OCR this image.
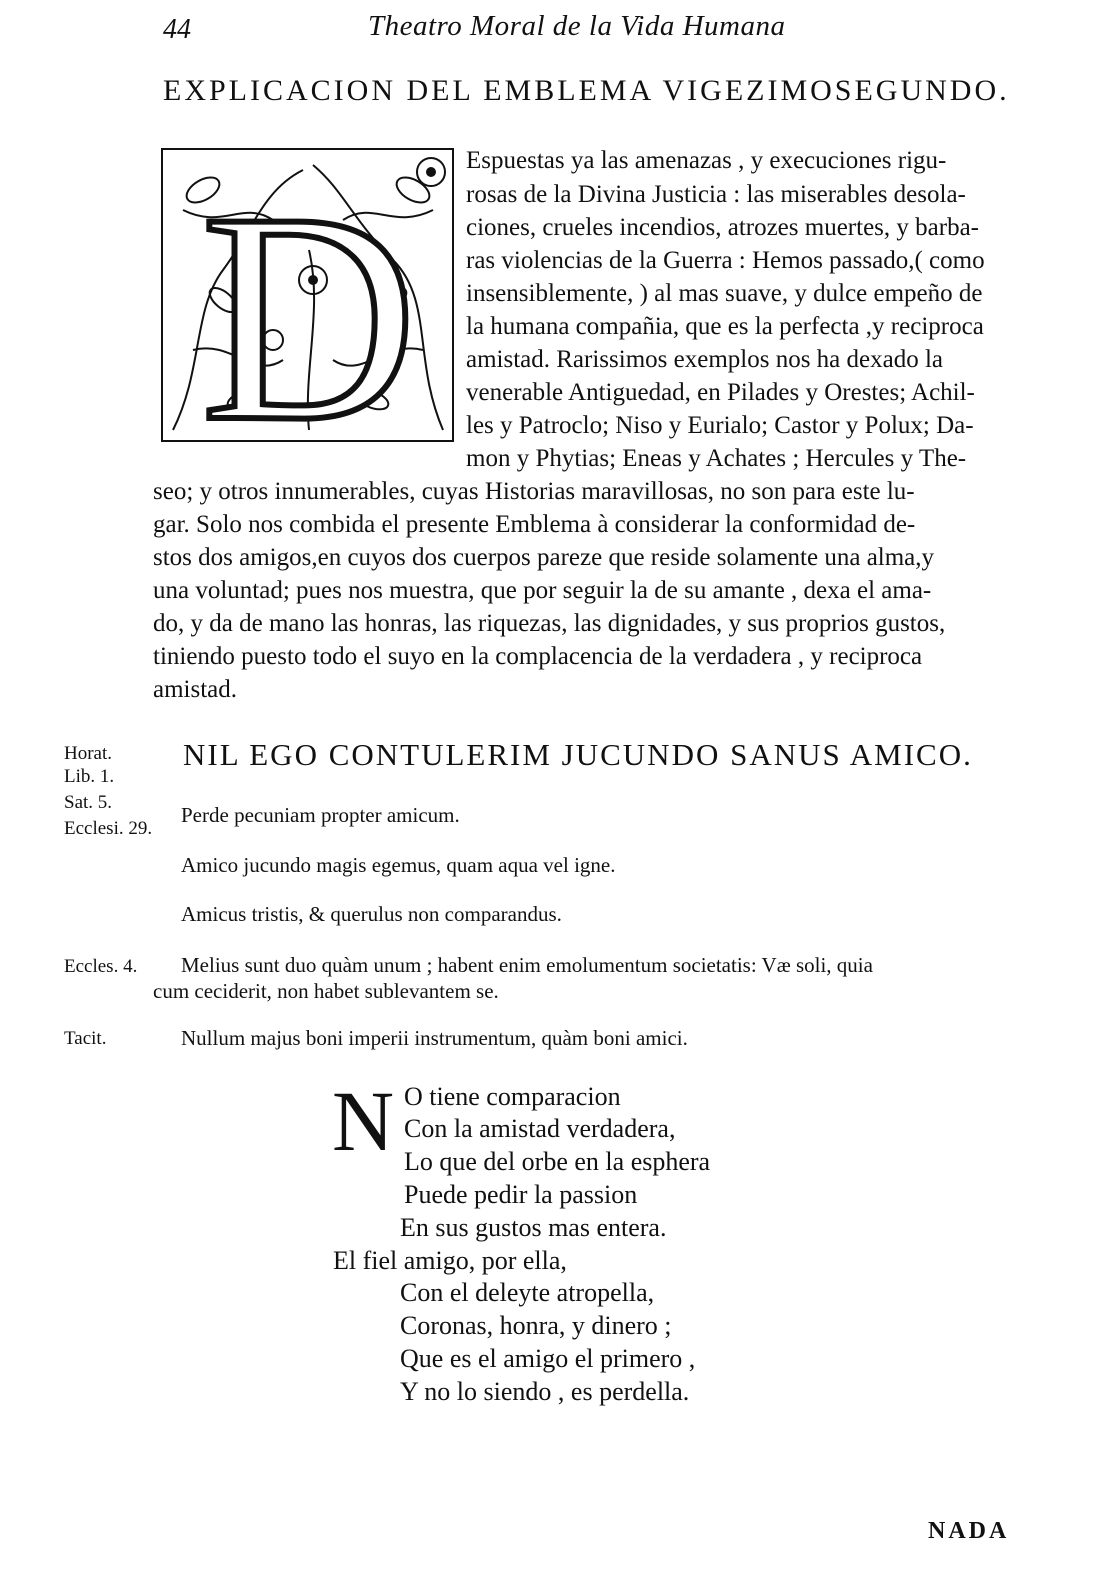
44	Theatro Moral de la Vida Humana
EXPLICACION DEL EMBLEMA VIGEZIMOSEGUNDO.
D Espuestas ya las amenazas , y execuciones rigu-
rosas de la Divina Justicia : las miserables desola-
ciones, crueles incendios, atrozes muertes, y barba-
ras violencias de la Guerra : Hemos passado,( como
insensiblemente, ) al mas suave, y dulce empeño de
la humana compañia, que es la perfecta ,y reciproca
amistad. Rarissimos exemplos nos ha dexado la
venerable Antiguedad, en Pilades y Orestes; Achil-
les y Patroclo; Niso y Eurialo; Castor y Polux; Da-
mon y Phytias; Eneas y Achates ; Hercules y The-
seo; y otros innumerables, cuyas Historias maravillosas, no son para este lu-
gar. Solo nos combida el presente Emblema à considerar la conformidad de-
stos dos amigos,en cuyos dos cuerpos pareze que reside solamente una alma,y
una voluntad; pues nos muestra, que por seguir la de su amante , dexa el ama-
do, y da de mano las honras, las riquezas, las dignidades, y sus proprios gustos,
tiniendo puesto todo el suyo en la complacencia de la verdadera , y reciproca
amistad.
NIL EGO CONTULERIM JUCUNDO SANUS AMICO.
Horat.
Lib. 1.
Sat. 5.
Ecclesi. 29.
Eccles. 4.
Tacit.
Perde pecuniam propter amicum.
Amico jucundo magis egemus, quam aqua vel igne.
Amicus tristis, & querulus non comparandus.
Melius sunt duo quàm unum ; habent enim emolumentum societatis: Væ soli, quia
cum ceciderit, non habet sublevantem se.
Nullum majus boni imperii instrumentum, quàm boni amici.
N O tiene comparacion
Con la amistad verdadera,
Lo que del orbe en la esphera
Puede pedir la passion
En sus gustos mas entera.
El fiel amigo, por ella,
Con el deleyte atropella,
Coronas, honra, y dinero ;
Que es el amigo el primero ,
Y no lo siendo , es perdella.
NADA
